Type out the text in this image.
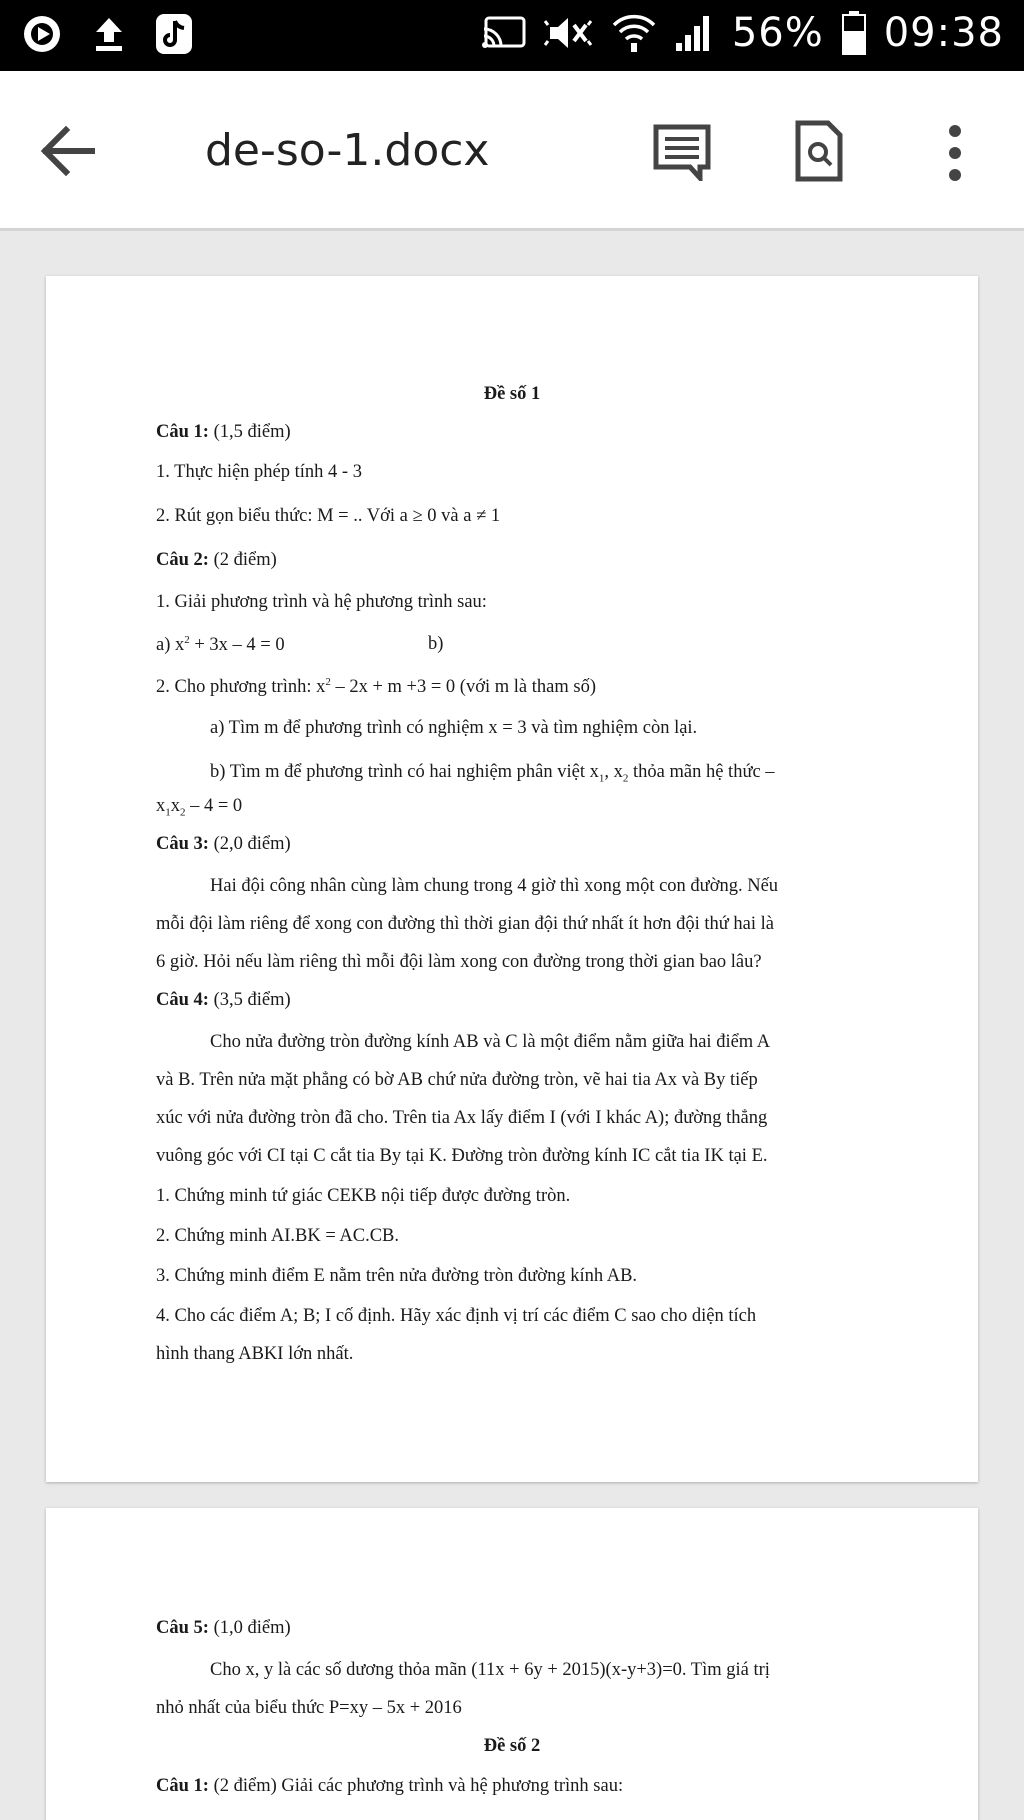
56% 09:38
de-so-1.docx
Đề số 1
Câu 1: (1,5 điểm)
1. Thực hiện phép tính 4 - 3
2. Rút gọn biểu thức: M = .. Với a ≥ 0 và a ≠ 1
Câu 2: (2 điểm)
1. Giải phương trình và hệ phương trình sau:
a) $x^2 + 3x - 4 = 0$	b)
2. Cho phương trình: $x^2 - 2x + m +3 = 0$ (với m là tham số)
a) Tìm m để phương trình có nghiệm x = 3 và tìm nghiệm còn lại.
b) Tìm m để phương trình có hai nghiệm phân việt $x_1$, $x_2$ thỏa mãn hệ thức –
$x_1x_2 - 4 = 0$
Câu 3: (2,0 điểm)
Hai đội công nhân cùng làm chung trong 4 giờ thì xong một con đường. Nếu
mỗi đội làm riêng để xong con đường thì thời gian đội thứ nhất ít hơn đội thứ hai là
6 giờ. Hỏi nếu làm riêng thì mỗi đội làm xong con đường trong thời gian bao lâu?
Câu 4: (3,5 điểm)
Cho nửa đường tròn đường kính AB và C là một điểm nằm giữa hai điểm A
và B. Trên nửa mặt phẳng có bờ AB chứ nửa đường tròn, vẽ hai tia Ax và By tiếp
xúc với nửa đường tròn đã cho. Trên tia Ax lấy điểm I (với I khác A); đường thẳng
vuông góc với CI tại C cắt tia By tại K. Đường tròn đường kính IC cắt tia IK tại E.
1. Chứng minh tứ giác CEKB nội tiếp được đường tròn.
2. Chứng minh AI.BK = AC.CB.
3. Chứng minh điểm E nằm trên nửa đường tròn đường kính AB.
4. Cho các điểm A; B; I cố định. Hãy xác định vị trí các điểm C sao cho diện tích
hình thang ABKI lớn nhất.
Câu 5: (1,0 điểm)
Cho x, y là các số dương thỏa mãn (11x + 6y + 2015)(x-y+3)=0. Tìm giá trị
nhỏ nhất của biểu thức P=xy – 5x + 2016
Đề số 2
Câu 1: (2 điểm) Giải các phương trình và hệ phương trình sau:
